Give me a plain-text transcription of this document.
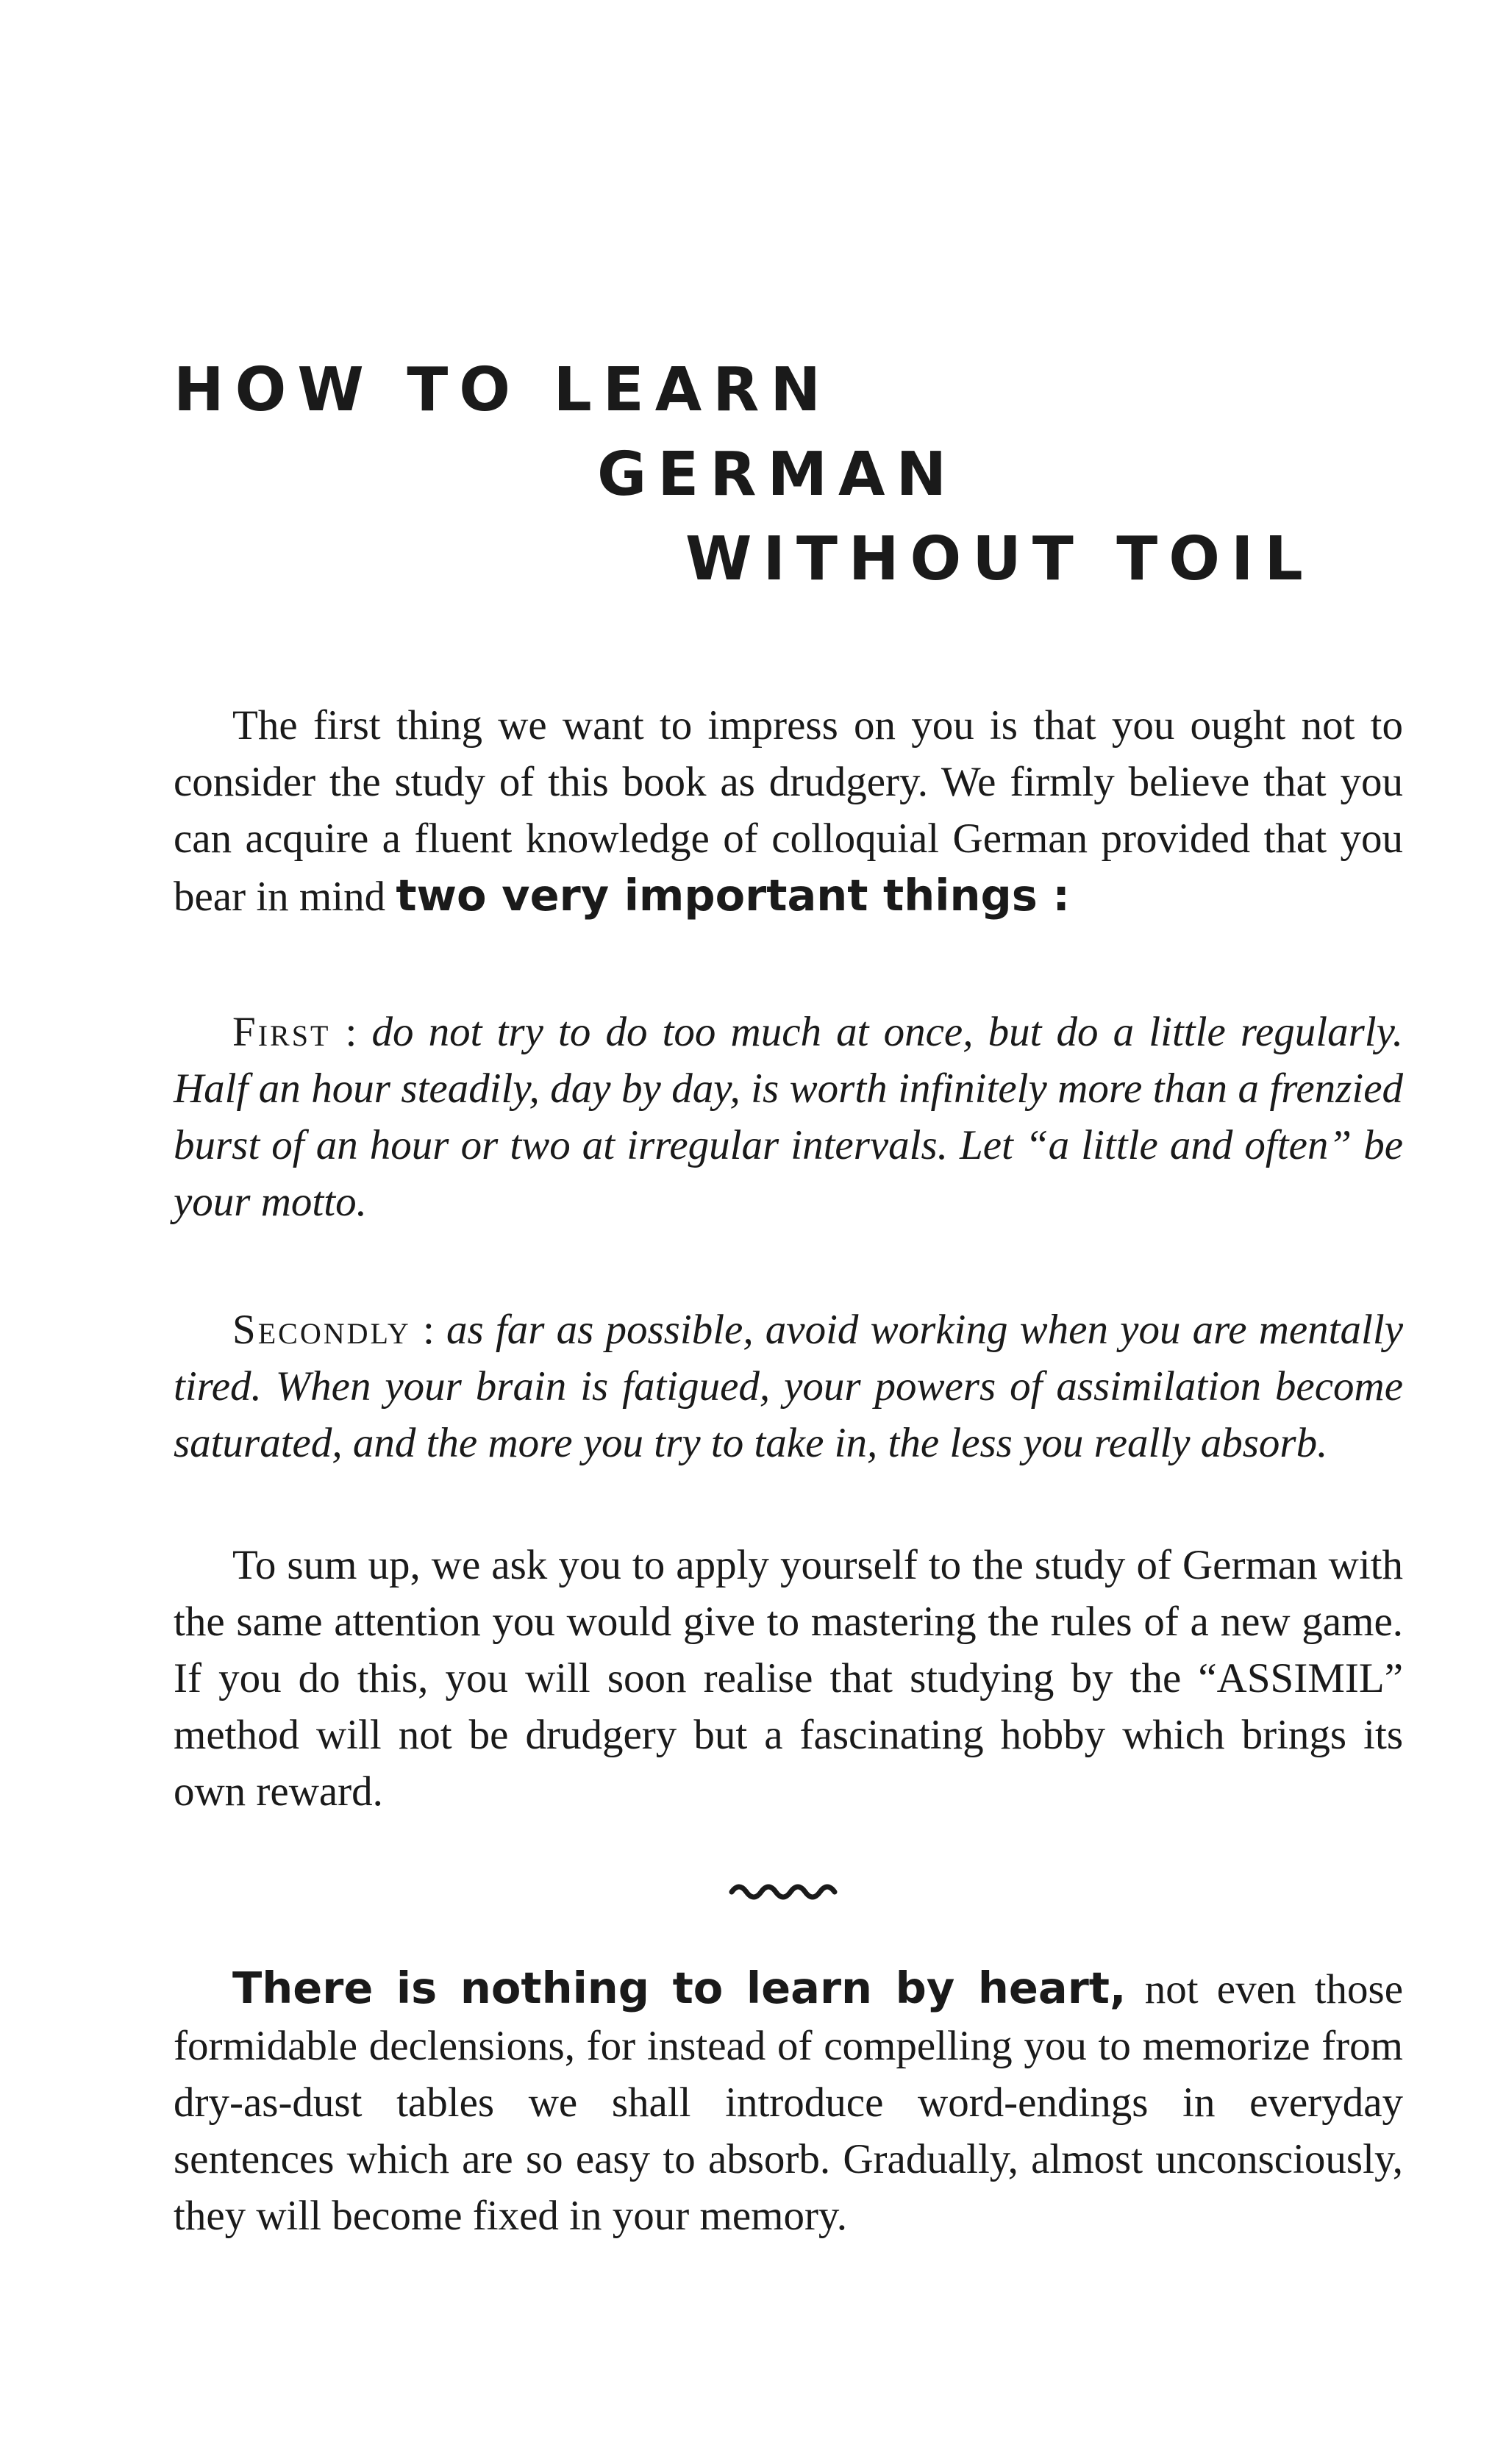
HOW TO LEARN
GERMAN
WITHOUT TOIL

The first thing we want to impress on you is that you ought not to consider the study of this book as drudgery. We firmly believe that you can acquire a fluent knowledge of colloquial German provided that you bear in mind two very important things :

First : do not try to do too much at once, but do a little regularly. Half an hour steadily, day by day, is worth infinitely more than a frenzied burst of an hour or two at irregular intervals. Let “a little and often” be your motto.

Secondly : as far as possible, avoid working when you are mentally tired. When your brain is fatigued, your powers of assimilation become saturated, and the more you try to take in, the less you really absorb.

To sum up, we ask you to apply yourself to the study of German with the same attention you would give to mastering the rules of a new game. If you do this, you will soon realise that studying by the “ASSIMIL” method will not be drudgery but a fascinating hobby which brings its own reward.

There is nothing to learn by heart, not even those formidable declensions, for instead of compelling you to memorize from dry-as-dust tables we shall introduce word-endings in everyday sentences which are so easy to absorb. Gradually, almost unconsciously, they will become fixed in your memory.
